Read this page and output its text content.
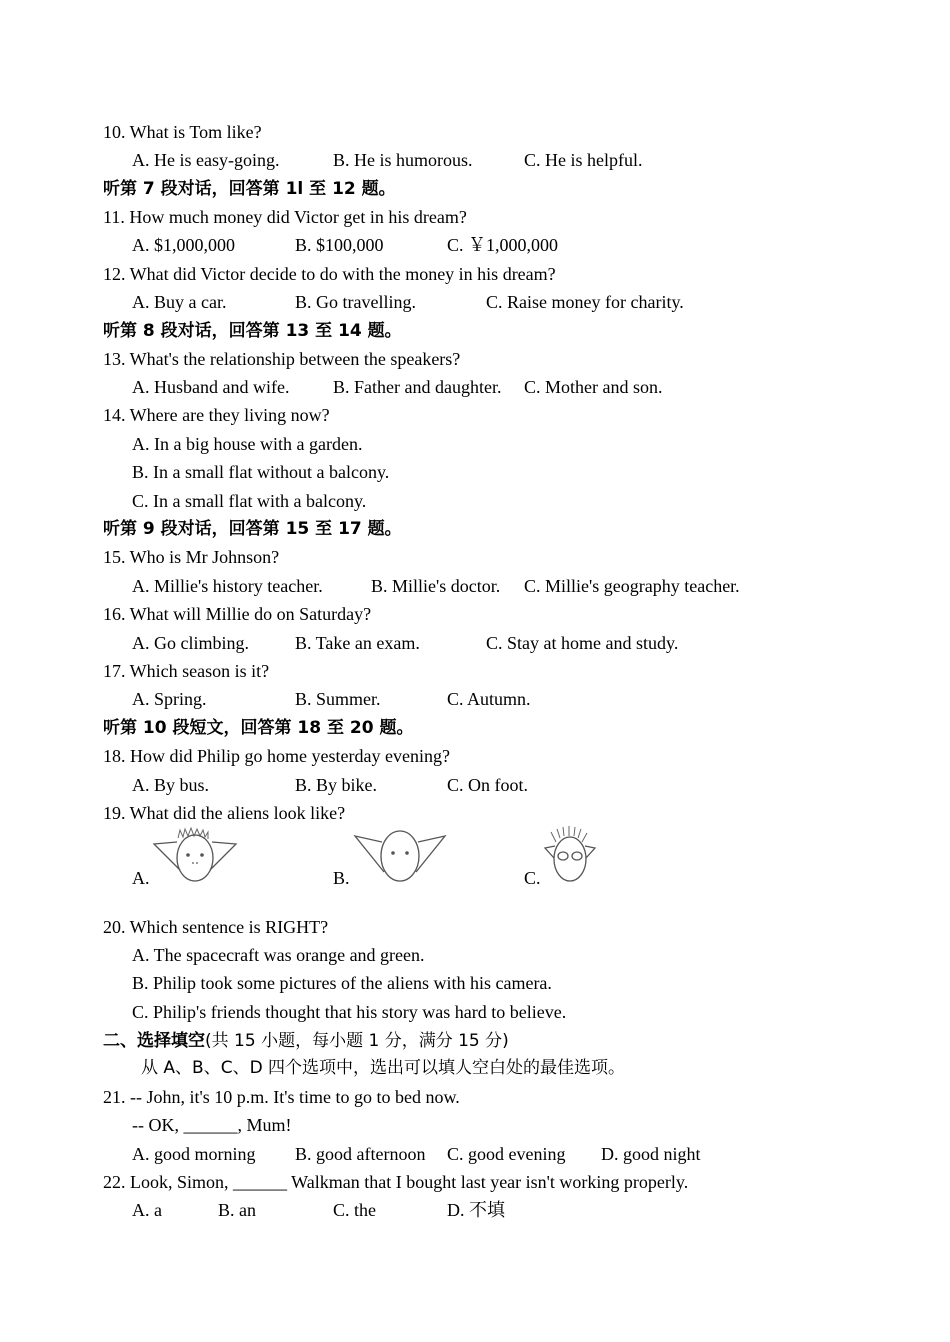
10. What is Tom like?
A. He is easy-going.	B. He is humorous.	C. He is helpful.
听第 7 段对话，回答第 1l 至 12 题。
11. How much money did Victor get in his dream?
A. $1,000,000	B. $100,000	C. ￥1,000,000
12. What did Victor decide to do with the money in his dream?
A. Buy a car.	B. Go travelling.	C. Raise money for charity.
听第 8 段对话，回答第 13 至 14 题。
13. What's the relationship between the speakers?
A. Husband and wife. B. Father and daughter. C. Mother and son.
14. Where are they living now?
A. In a big house with a garden.
B. In a small flat without a balcony.
C. In a small flat with a balcony.
听第 9 段对话，回答第 15 至 17 题。
15. Who is Mr Johnson?
A. Millie's history teacher.	B. Millie's doctor. C. Millie's geography teacher.
16. What will Millie do on Saturday?
A. Go climbing.	B. Take an exam.	C. Stay at home and study.
17. Which season is it?
A. Spring.	B. Summer.	C. Autumn.
听第 10 段短文，回答第 18 至 20 题。
18. How did Philip go home yesterday evening?
A. By bus.	B. By bike.	C. On foot.
19. What did the aliens look like?
A.	B.	C.
20. Which sentence is RIGHT?
A. The spacecraft was orange and green.
B. Philip took some pictures of the aliens with his camera.
C. Philip's friends thought that his story was hard to believe.
二、选择填空(共 15 小题，每小题 1 分，满分 15 分)
从 A、B、C、D 四个选项中，选出可以填人空白处的最佳选项。
21. -- John, it's 10 p.m. It's time to go to bed now.
-- OK, ______, Mum!
A. good morning B. good afternoon C. good evening D. good night
22. Look, Simon, ______ Walkman that I bought last year isn't working properly.
A. a	B. an	C. the	D. 不填
